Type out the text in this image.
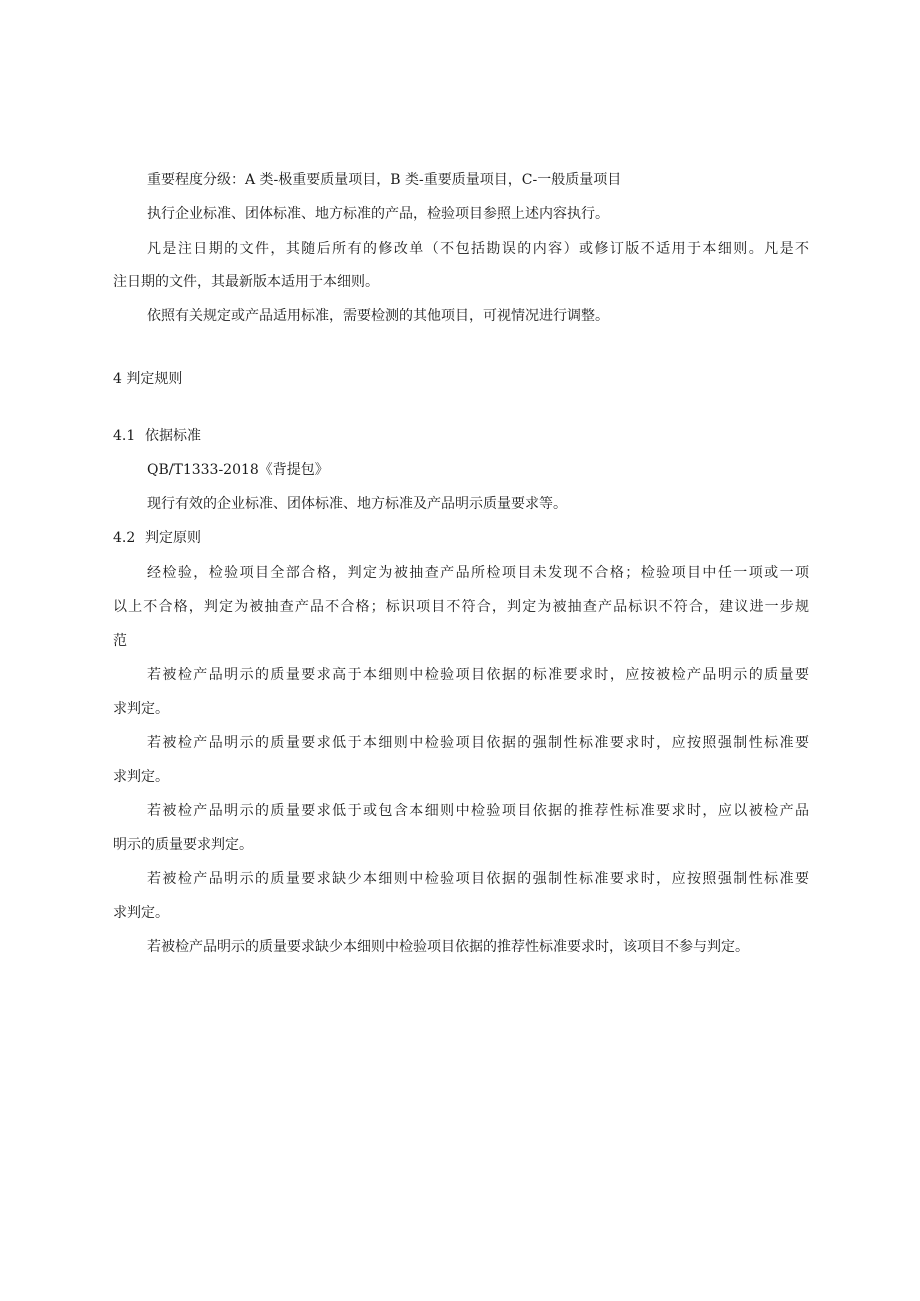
重要程度分级：A 类-极重要质量项目，B 类-重要质量项目，C-一般质量项目

执行企业标准、团体标准、地方标准的产品，检验项目参照上述内容执行。

凡是注日期的文件，其随后所有的修改单（不包括勘误的内容）或修订版不适用于本细则。凡是不

注日期的文件，其最新版本适用于本细则。

依照有关规定或产品适用标准，需要检测的其他项目，可视情况进行调整。

4 判定规则

4.1 依据标准

QB/T1333-2018《背提包》

现行有效的企业标准、团体标准、地方标准及产品明示质量要求等。

4.2 判定原则

经检验，检验项目全部合格，判定为被抽查产品所检项目未发现不合格；检验项目中任一项或一项

以上不合格，判定为被抽查产品不合格；标识项目不符合，判定为被抽查产品标识不符合，建议进一步规

范

若被检产品明示的质量要求高于本细则中检验项目依据的标准要求时，应按被检产品明示的质量要

求判定。

若被检产品明示的质量要求低于本细则中检验项目依据的强制性标准要求时，应按照强制性标准要

求判定。

若被检产品明示的质量要求低于或包含本细则中检验项目依据的推荐性标准要求时，应以被检产品

明示的质量要求判定。

若被检产品明示的质量要求缺少本细则中检验项目依据的强制性标准要求时，应按照强制性标准要

求判定。

若被检产品明示的质量要求缺少本细则中检验项目依据的推荐性标准要求时，该项目不参与判定。
